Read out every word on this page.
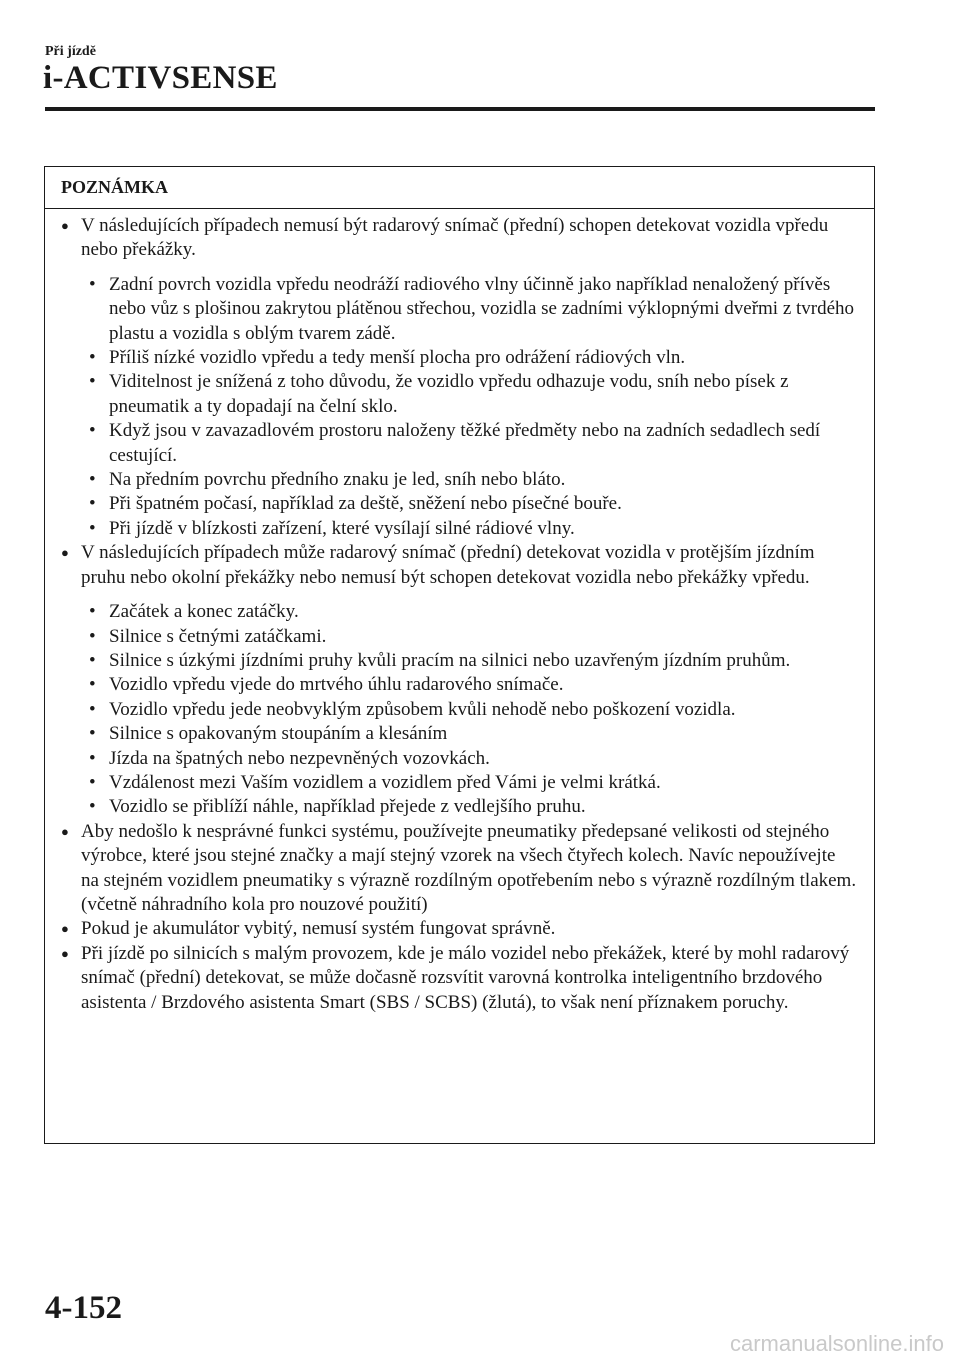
Při jízdě
i-ACTIVSENSE
POZNÁMKA
● V následujících případech nemusí být radarový snímač (přední) schopen detekovat vozidla vpředu nebo překážky.
• Zadní povrch vozidla vpředu neodráží radiového vlny účinně jako například nenaložený přívěs nebo vůz s plošinou zakrytou plátěnou střechou, vozidla se zadními výklopnými dveřmi z tvrdého plastu a vozidla s oblým tvarem zádě.
• Příliš nízké vozidlo vpředu a tedy menší plocha pro odrážení rádiových vln.
• Viditelnost je snížená z toho důvodu, že vozidlo vpředu odhazuje vodu, sníh nebo písek z pneumatik a ty dopadají na čelní sklo.
• Když jsou v zavazadlovém prostoru naloženy těžké předměty nebo na zadních sedadlech sedí cestující.
• Na předním povrchu předního znaku je led, sníh nebo bláto.
• Při špatném počasí, například za deště, sněžení nebo písečné bouře.
• Při jízdě v blízkosti zařízení, které vysílají silné rádiové vlny.
● V následujících případech může radarový snímač (přední) detekovat vozidla v protějším jízdním pruhu nebo okolní překážky nebo nemusí být schopen detekovat vozidla nebo překážky vpředu.
• Začátek a konec zatáčky.
• Silnice s četnými zatáčkami.
• Silnice s úzkými jízdními pruhy kvůli pracím na silnici nebo uzavřeným jízdním pruhům.
• Vozidlo vpředu vjede do mrtvého úhlu radarového snímače.
• Vozidlo vpředu jede neobvyklým způsobem kvůli nehodě nebo poškození vozidla.
• Silnice s opakovaným stoupáním a klesáním
• Jízda na špatných nebo nezpevněných vozovkách.
• Vzdálenost mezi Vaším vozidlem a vozidlem před Vámi je velmi krátká.
• Vozidlo se přiblíží náhle, například přejede z vedlejšího pruhu.
● Aby nedošlo k nesprávné funkci systému, používejte pneumatiky předepsané velikosti od stejného výrobce, které jsou stejné značky a mají stejný vzorek na všech čtyřech kolech. Navíc nepoužívejte na stejném vozidlem pneumatiky s výrazně rozdílným opotřebením nebo s výrazně rozdílným tlakem. (včetně náhradního kola pro nouzové použití)
● Pokud je akumulátor vybitý, nemusí systém fungovat správně.
● Při jízdě po silnicích s malým provozem, kde je málo vozidel nebo překážek, které by mohl radarový snímač (přední) detekovat, se může dočasně rozsvítit varovná kontrolka inteligentního brzdového asistenta / Brzdového asistenta Smart (SBS / SCBS) (žlutá), to však není příznakem poruchy.
4-152
carmanualsonline.info
